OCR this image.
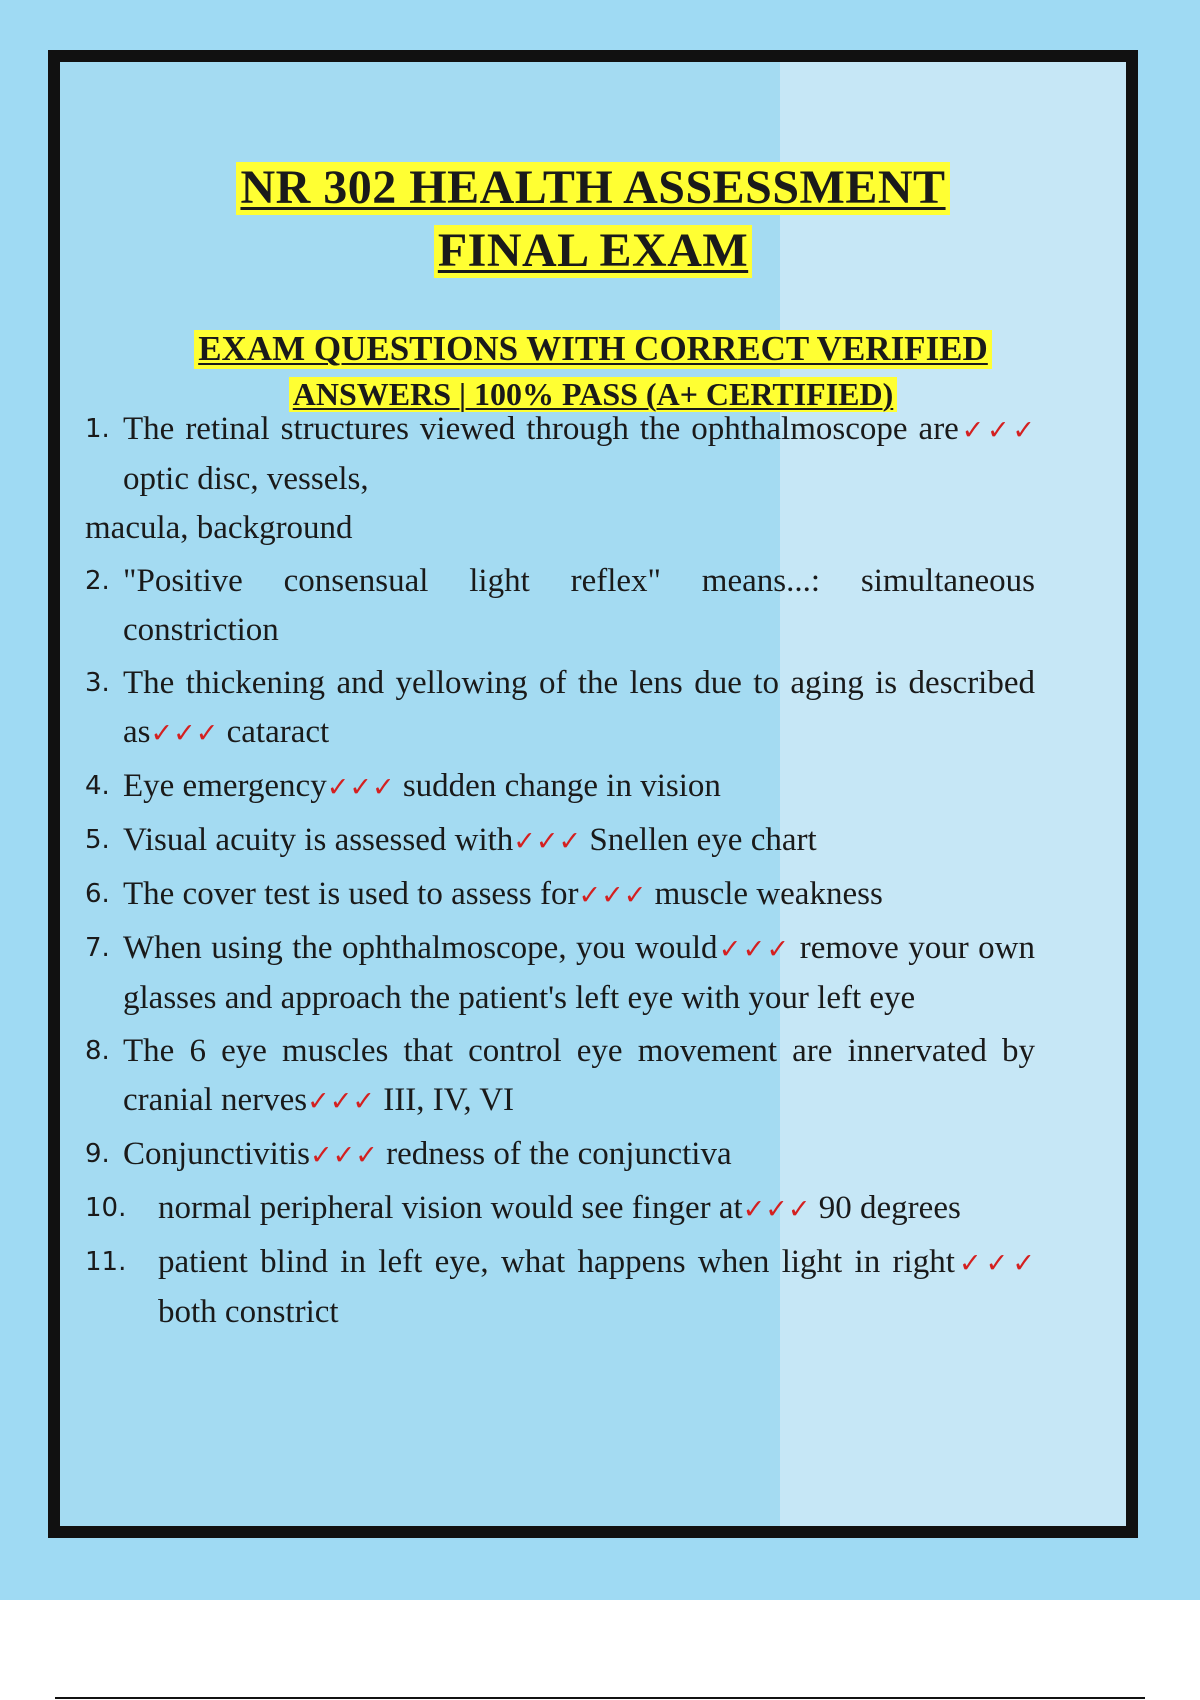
NR 302 HEALTH ASSESSMENT
FINAL EXAM
EXAM QUESTIONS WITH CORRECT VERIFIED
ANSWERS | 100% PASS (A+ CERTIFIED)
1. The retinal structures viewed through the ophthalmoscope are✓✓✓ optic disc, vessels,
macula, background
2. "Positive consensual light reflex" means...: simultaneous constriction
3. The thickening and yellowing of the lens due to aging is described as✓✓✓ cataract
4. Eye emergency✓✓✓ sudden change in vision
5. Visual acuity is assessed with✓✓✓ Snellen eye chart
6. The cover test is used to assess for✓✓✓ muscle weakness
7. When using the ophthalmoscope, you would✓✓✓ remove your own glasses and approach the patient's left eye with your left eye
8. The 6 eye muscles that control eye movement are innervated by cranial nerves✓✓✓ III, IV, VI
9. Conjunctivitis✓✓✓ redness of the conjunctiva
10. normal peripheral vision would see finger at✓✓✓ 90 degrees
11. patient blind in left eye, what happens when light in right✓✓✓ both constrict
